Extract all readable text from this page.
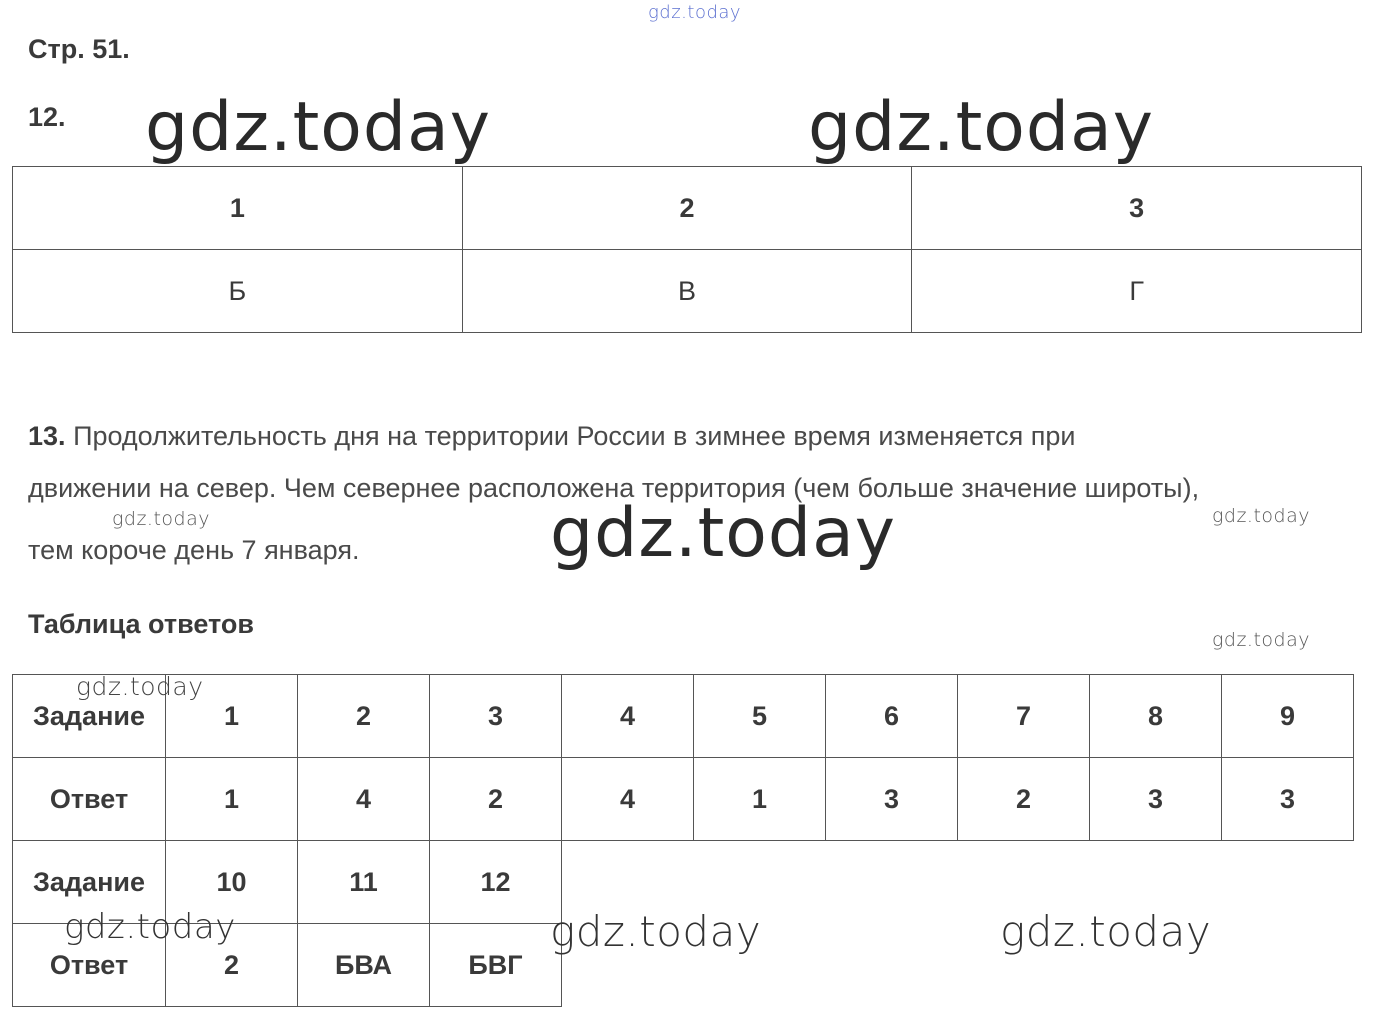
gdz.today
Стр. 51.
12.
1	2	3
Б	В	Г
13. Продолжительность дня на территории России в зимнее время изменяется при
движении на север. Чем севернее расположена территория (чем больше значение широты),
тем короче день 7 января.
Таблица ответов
Задание	1	2	3	4	5	6	7	8	9
Ответ	1	4	2	4	1	3	2	3	3
Задание	10	11	12						
Ответ	2	БВА	БВГ						
gdz.today	gdz.today
gdz.today	gdz.today
gdz.today
gdz.today
gdz.today
gdz.today	gdz.today	gdz.today
